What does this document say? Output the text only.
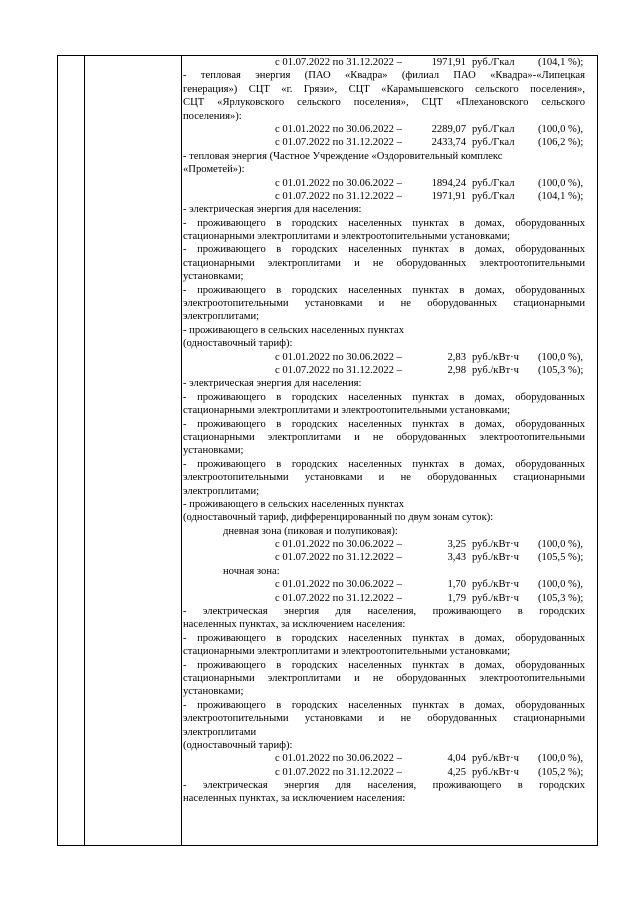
с 01.07.2022 по 31.12.2022 –	1971,91 руб./Гкал (104,1 %);
- тепловая энергия (ПАО «Квадра» (филиал ПАО «Квадра»-«Липецкая
генерация») СЦТ «г. Грязи», СЦТ «Карамышевского сельского поселения»,
СЦТ «Ярлуковского сельского поселения», СЦТ «Плехановского сельского
поселения»):
с 01.01.2022 по 30.06.2022 –	2289,07 руб./Гкал (100,0 %),
с 01.07.2022 по 31.12.2022 –	2433,74 руб./Гкал (106,2 %);
- тепловая энергия (Частное Учреждение «Оздоровительный комплекс
«Прометей»):
с 01.01.2022 по 30.06.2022 –	1894,24 руб./Гкал (100,0 %),
с 01.07.2022 по 31.12.2022 –	1971,91 руб./Гкал (104,1 %);
- электрическая энергия для населения:
- проживающего в городских населенных пунктах в домах, оборудованных
стационарными электроплитами и электроотопительными установками;
- проживающего в городских населенных пунктах в домах, оборудованных
стационарными электроплитами и не оборудованных электроотопительными
установками;
- проживающего в городских населенных пунктах в домах, оборудованных
электроотопительными установками и не оборудованных стационарными
электроплитами;
- проживающего в сельских населенных пунктах
(одноставочный тариф):
с 01.01.2022 по 30.06.2022 –	2,83 руб./кВт·ч (100,0 %),
с 01.07.2022 по 31.12.2022 –	2,98 руб./кВт·ч (105,3 %);
- электрическая энергия для населения:
- проживающего в городских населенных пунктах в домах, оборудованных
стационарными электроплитами и электроотопительными установками;
- проживающего в городских населенных пунктах в домах, оборудованных
стационарными электроплитами и не оборудованных электроотопительными
установками;
- проживающего в городских населенных пунктах в домах, оборудованных
электроотопительными установками и не оборудованных стационарными
электроплитами;
- проживающего в сельских населенных пунктах
(одноставочный тариф, дифференцированный по двум зонам суток):
дневная зона (пиковая и полупиковая):
с 01.01.2022 по 30.06.2022 –	3,25 руб./кВт·ч (100,0 %),
с 01.07.2022 по 31.12.2022 –	3,43 руб./кВт·ч (105,5 %);
ночная зона:
с 01.01.2022 по 30.06.2022 –	1,70 руб./кВт·ч (100,0 %),
с 01.07.2022 по 31.12.2022 –	1,79 руб./кВт·ч (105,3 %);
- электрическая энергия для населения, проживающего в городских
населенных пунктах, за исключением населения:
- проживающего в городских населенных пунктах в домах, оборудованных
стационарными электроплитами и электроотопительными установками;
- проживающего в городских населенных пунктах в домах, оборудованных
стационарными электроплитами и не оборудованных электроотопительными
установками;
- проживающего в городских населенных пунктах в домах, оборудованных
электроотопительными установками и не оборудованных стационарными
электроплитами
(одноставочный тариф):
с 01.01.2022 по 30.06.2022 –	4,04 руб./кВт·ч (100,0 %),
с 01.07.2022 по 31.12.2022 –	4,25 руб./кВт·ч (105,2 %);
- электрическая энергия для населения, проживающего в городских
населенных пунктах, за исключением населения:
